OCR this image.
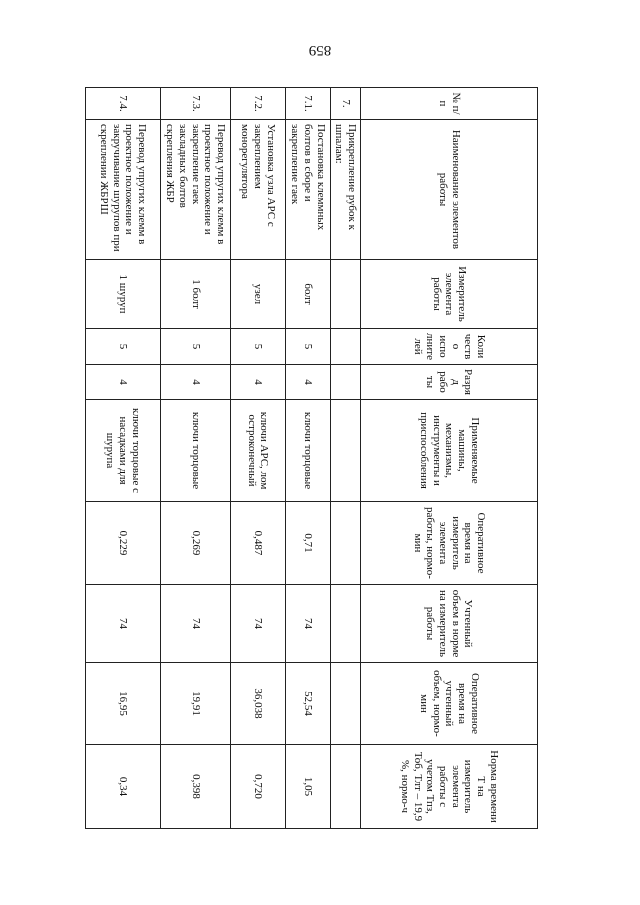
859
№ п/п	Наименование элементов работы	Измеритель элемента работы	Количество исполнителей	Разряд работы	Применяемые машины, механизмы, инструменты и приспособления	Оперативное время на измеритель элемента работы, нормо-мин	Учтенный объем в норме на измеритель работы	Оперативное время на учтенный объем, нормо-мин	Норма времени Т на измеритель элемента работы с учетом Тпз, Тоб, Тлт – 19,9 %, нормо-ч
7.	Прикрепление рубок к шпалам:								
7.1.	Постановка клеммных болтов в сборе и закрепление гаек	болт	5	4	ключи торцовые	0,71	74	52,54	1,05
7.2.	Установка узла АРС с закреплением монорегулятора	узел	5	4	ключи АРС, лом остроконечный	0,487	74	36,038	0,720
7.3.	Перевод упругих клемм в проектное положение и закрепление гаек закладных болтов скрепления ЖБР	1 болт	5	4	ключи торцовые	0,269	74	19,91	0,398
7.4.	Перевод упругих клемм в проектное положение и закручивание шурупов при скреплении ЖБРШ	1 шуруп	5	4	ключи торцовые с насадками для шурупа	0,229	74	16,95	0,34
